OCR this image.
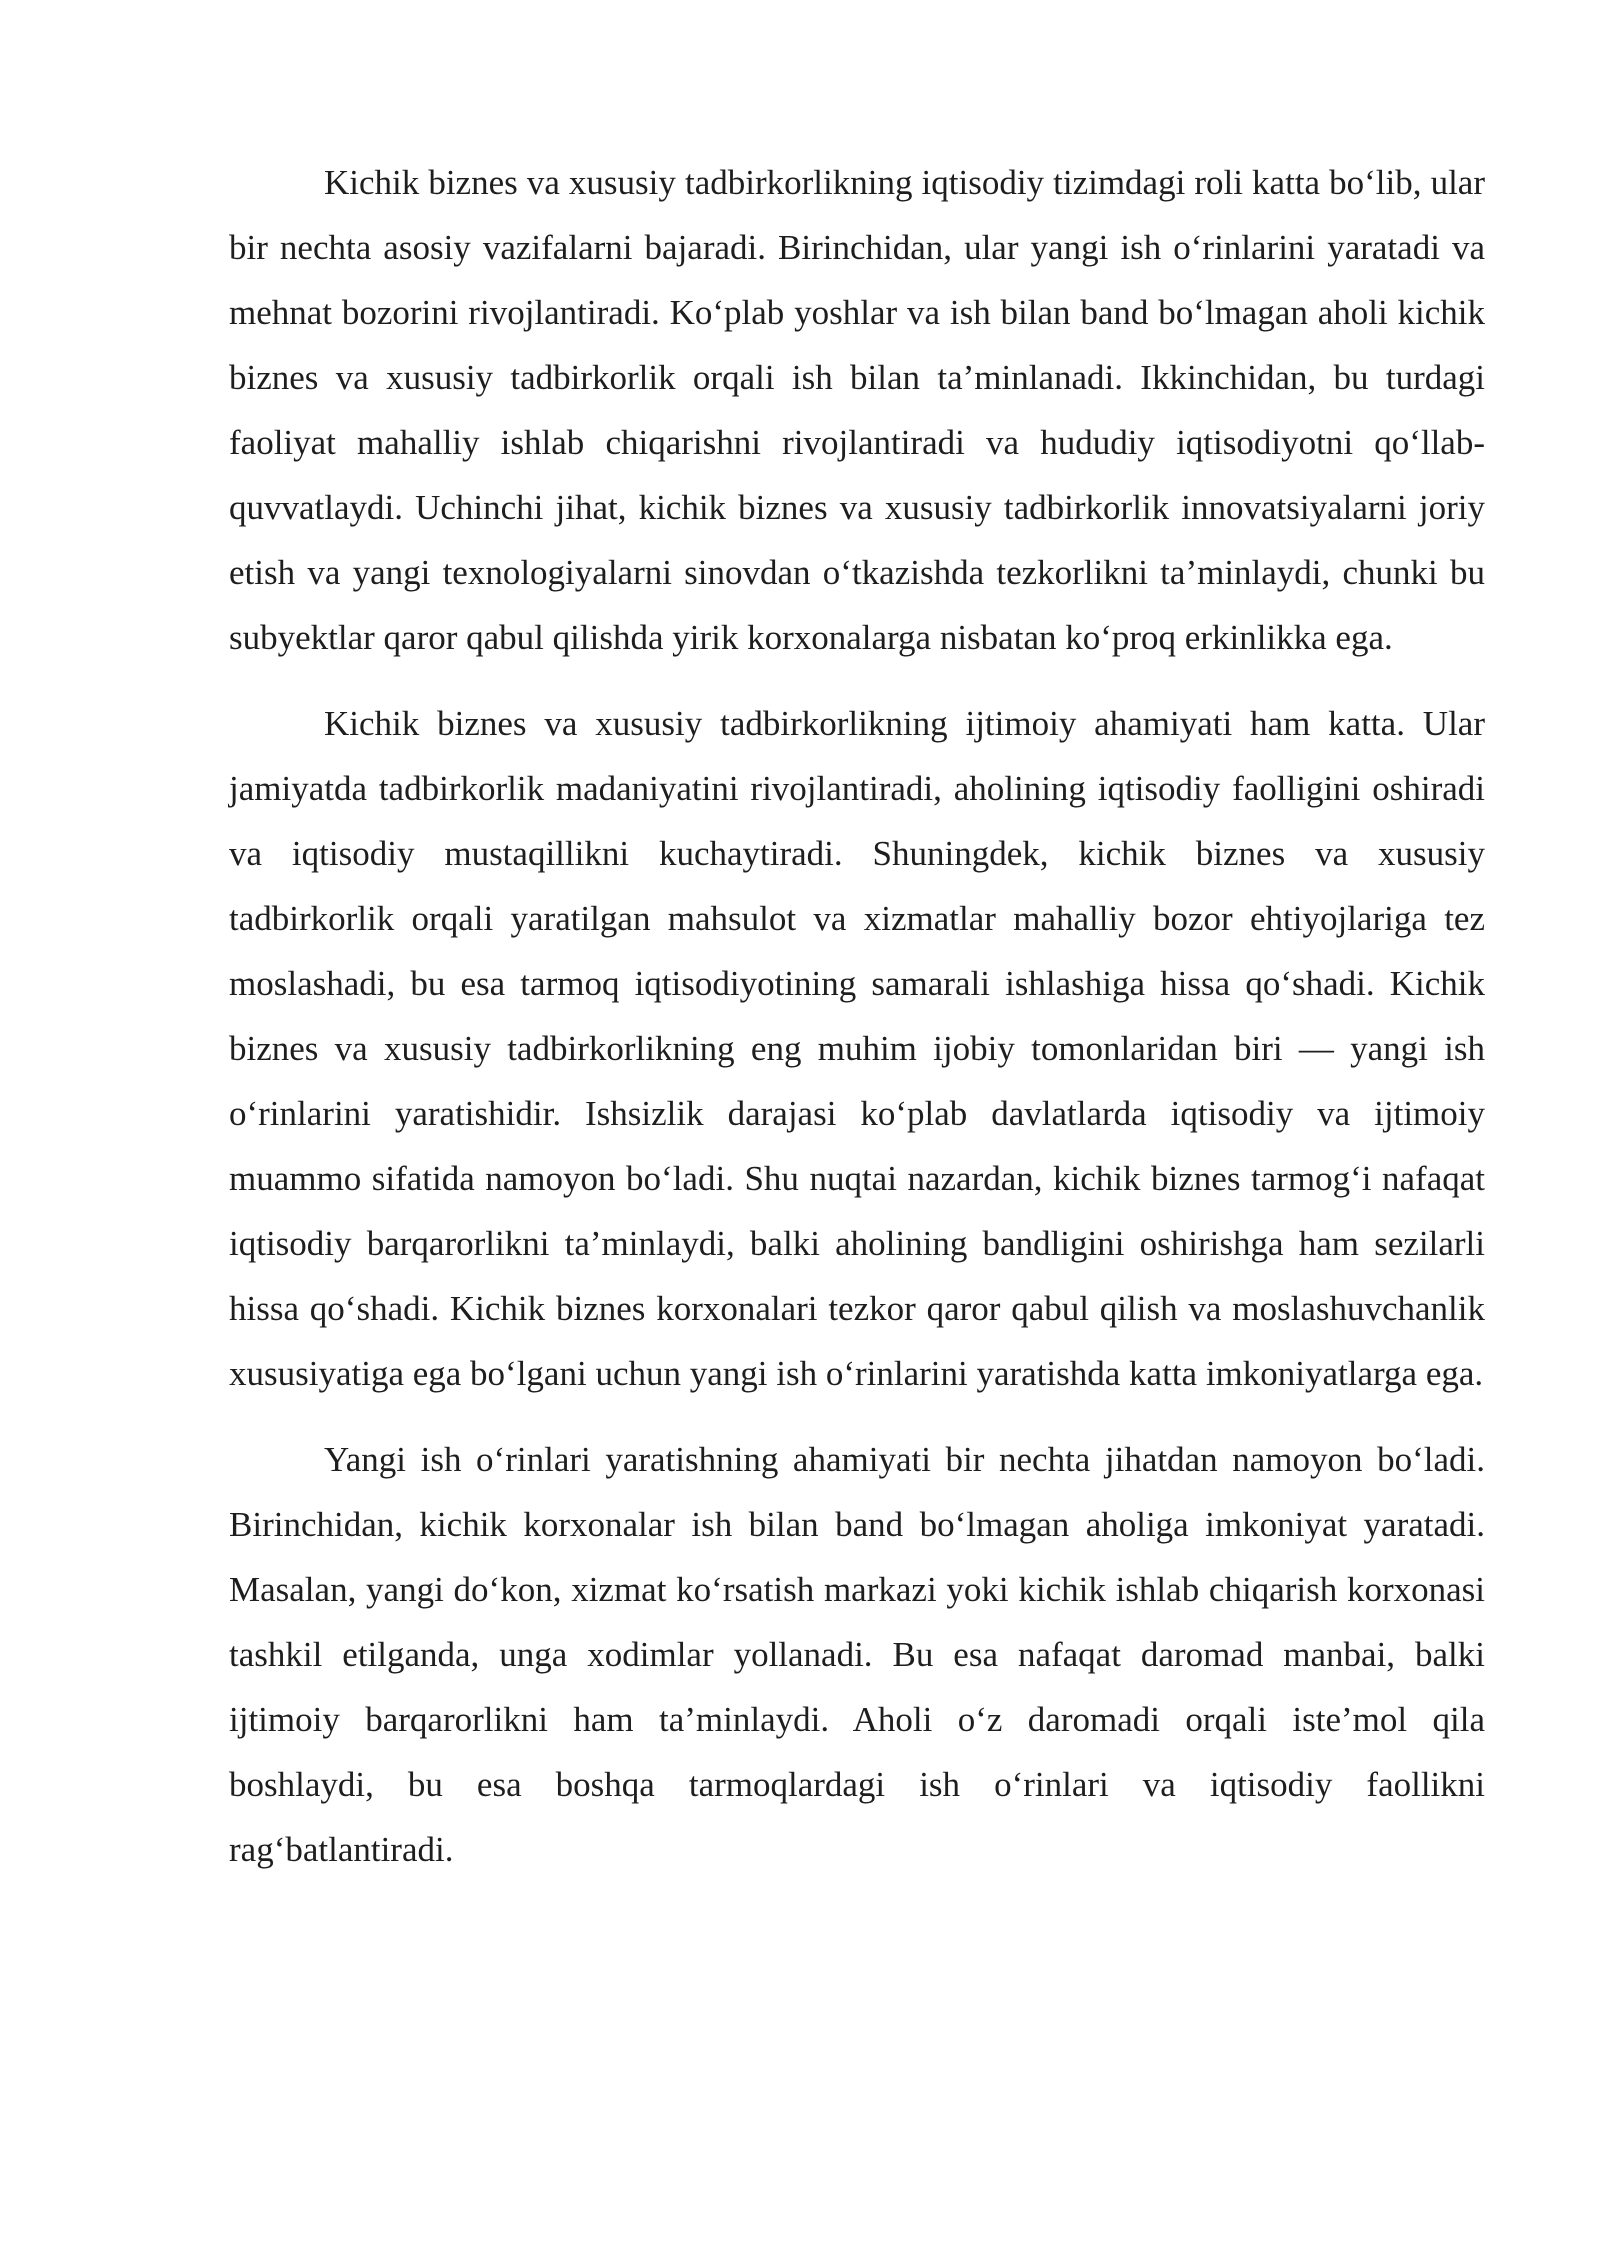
Kichik biznes va xususiy tadbirkorlikning iqtisodiy tizimdagi roli katta bo‘lib, ular bir nechta asosiy vazifalarni bajaradi. Birinchidan, ular yangi ish o‘rinlarini yaratadi va mehnat bozorini rivojlantiradi. Ko‘plab yoshlar va ish bilan band bo‘lmagan aholi kichik biznes va xususiy tadbirkorlik orqali ish bilan ta’minlanadi. Ikkinchidan, bu turdagi faoliyat mahalliy ishlab chiqarishni rivojlantiradi va hududiy iqtisodiyotni qo‘llab-quvvatlaydi. Uchinchi jihat, kichik biznes va xususiy tadbirkorlik innovatsiyalarni joriy etish va yangi texnologiyalarni sinovdan o‘tkazishda tezkorlikni ta’minlaydi, chunki bu subyektlar qaror qabul qilishda yirik korxonalarga nisbatan ko‘proq erkinlikka ega.

Kichik biznes va xususiy tadbirkorlikning ijtimoiy ahamiyati ham katta. Ular jamiyatda tadbirkorlik madaniyatini rivojlantiradi, aholining iqtisodiy faolligini oshiradi va iqtisodiy mustaqillikni kuchaytiradi. Shuningdek, kichik biznes va xususiy tadbirkorlik orqali yaratilgan mahsulot va xizmatlar mahalliy bozor ehtiyojlariga tez moslashadi, bu esa tarmoq iqtisodiyotining samarali ishlashiga hissa qo‘shadi. Kichik biznes va xususiy tadbirkorlikning eng muhim ijobiy tomonlaridan biri — yangi ish o‘rinlarini yaratishidir. Ishsizlik darajasi ko‘plab davlatlarda iqtisodiy va ijtimoiy muammo sifatida namoyon bo‘ladi. Shu nuqtai nazardan, kichik biznes tarmog‘i nafaqat iqtisodiy barqarorlikni ta’minlaydi, balki aholining bandligini oshirishga ham sezilarli hissa qo‘shadi. Kichik biznes korxonalari tezkor qaror qabul qilish va moslashuvchanlik xususiyatiga ega bo‘lgani uchun yangi ish o‘rinlarini yaratishda katta imkoniyatlarga ega.

Yangi ish o‘rinlari yaratishning ahamiyati bir nechta jihatdan namoyon bo‘ladi. Birinchidan, kichik korxonalar ish bilan band bo‘lmagan aholiga imkoniyat yaratadi. Masalan, yangi do‘kon, xizmat ko‘rsatish markazi yoki kichik ishlab chiqarish korxonasi tashkil etilganda, unga xodimlar yollanadi. Bu esa nafaqat daromad manbai, balki ijtimoiy barqarorlikni ham ta’minlaydi. Aholi o‘z daromadi orqali iste’mol qila boshlaydi, bu esa boshqa tarmoqlardagi ish o‘rinlari va iqtisodiy faollikni rag‘batlantiradi.
